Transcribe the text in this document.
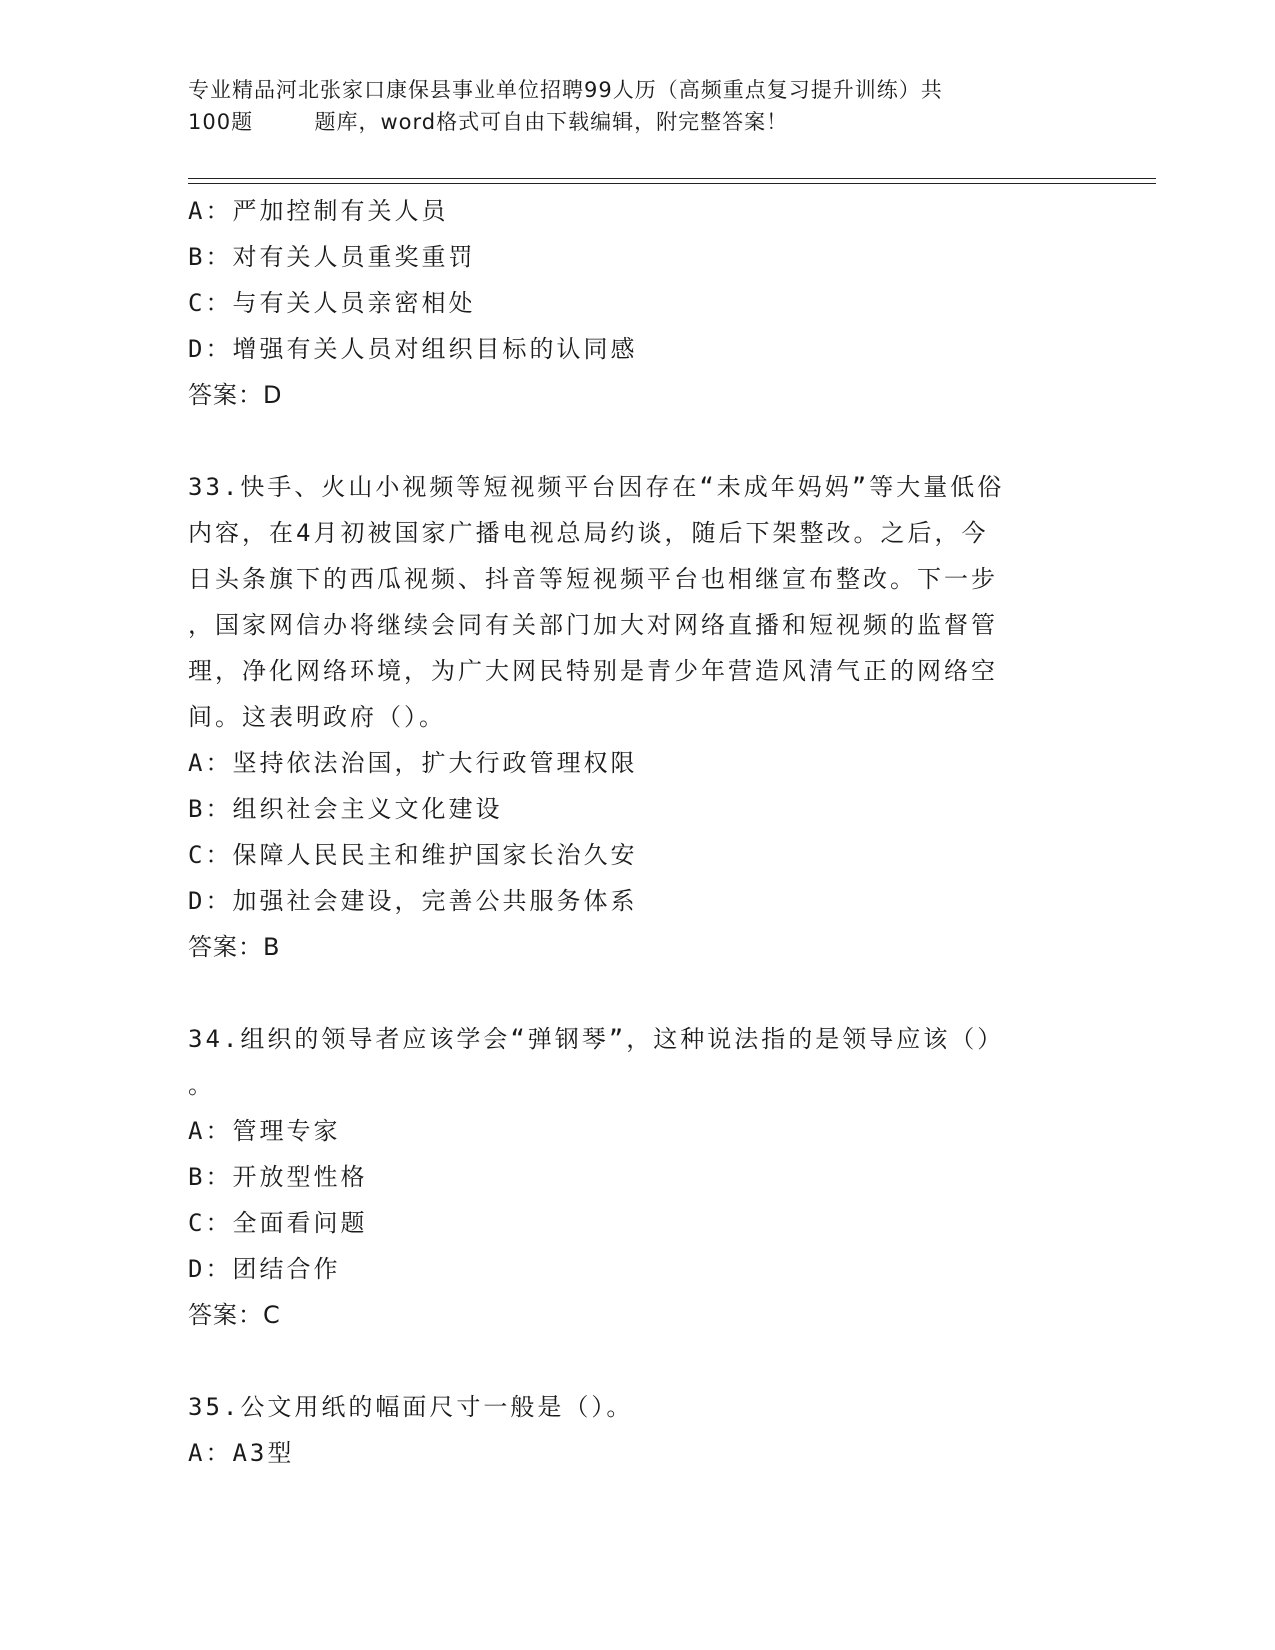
专业精品河北张家口康保县事业单位招聘99人历（高频重点复习提升训练）共
100题        题库，word格式可自由下载编辑，附完整答案！
A：严加控制有关人员
B：对有关人员重奖重罚
C：与有关人员亲密相处
D：增强有关人员对组织目标的认同感
答案：D
33.快手、火山小视频等短视频平台因存在“未成年妈妈”等大量低俗
内容，在4月初被国家广播电视总局约谈，随后下架整改。之后，今
日头条旗下的西瓜视频、抖音等短视频平台也相继宣布整改。下一步
，国家网信办将继续会同有关部门加大对网络直播和短视频的监督管
理，净化网络环境，为广大网民特别是青少年营造风清气正的网络空
间。这表明政府（）。
A：坚持依法治国，扩大行政管理权限
B：组织社会主义文化建设
C：保障人民民主和维护国家长治久安
D：加强社会建设，完善公共服务体系
答案：B
34.组织的领导者应该学会“弹钢琴”，这种说法指的是领导应该（）
。
A：管理专家
B：开放型性格
C：全面看问题
D：团结合作
答案：C
35.公文用纸的幅面尺寸一般是（）。
A：A3型
